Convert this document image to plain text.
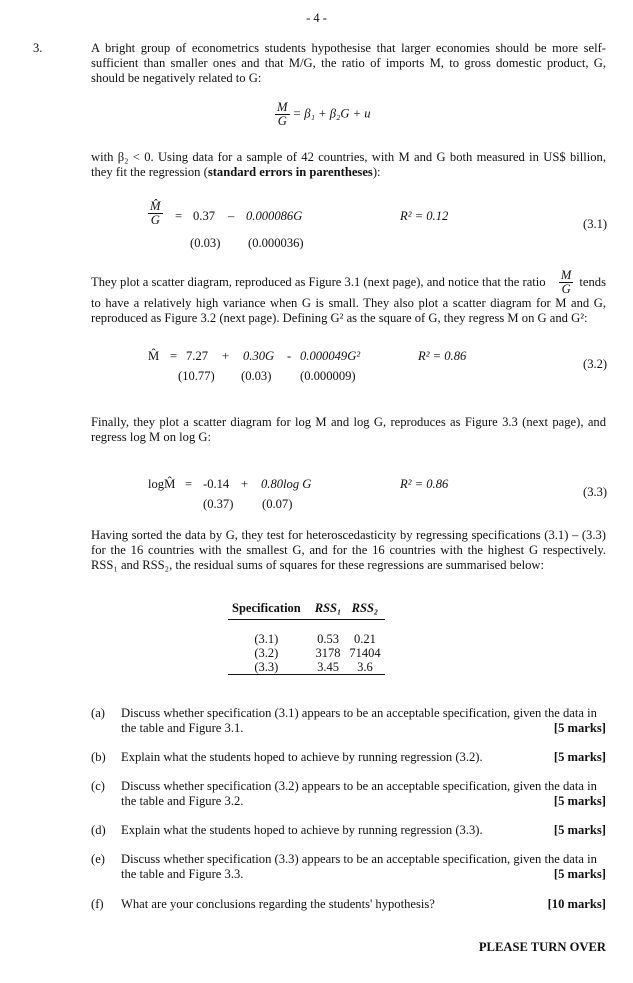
- 4 -
3.	A bright group of econometrics students hypothesise that larger economies should be more self-sufficient than smaller ones and that M/G, the ratio of imports M, to gross domestic product, G, should be negatively related to G:
$\frac{M}{G} = \beta_1 + \beta_2G + u$
with β₂ < 0. Using data for a sample of 42 countries, with M and G both measured in US$ billion, they fit the regression (standard errors in parentheses):
$\frac{M̂}{G} = 0.37 - 0.000086G$	R² = 0.12
(3.1)
(0.03) (0.000036)
They plot a scatter diagram, reproduced as Figure 3.1 (next page), and notice that the ratio $\frac{M}{G}$ tends
to have a relatively high variance when G is small. They also plot a scatter diagram for M and G, reproduced as Figure 3.2 (next page). Defining G² as the square of G, they regress M on G and G²:
M̂ = 7.27 + 0.30G - 0.000049G²	R² = 0.86
(3.2)
(10.77) (0.03) (0.000009)
Finally, they plot a scatter diagram for log M and log G, reproduces as Figure 3.3 (next page), and regress log M on log G:
logM̂ = -0.14 + 0.80log G	R² = 0.86
(3.3)
(0.37) (0.07)
Having sorted the data by G, they test for heteroscedasticity by regressing specifications (3.1) – (3.3) for the 16 countries with the smallest G, and for the 16 countries with the highest G respectively. RSS₁ and RSS₂, the residual sums of squares for these regressions are summarised below:
Specification	RSS₁	RSS₂
(3.1)	0.53	0.21
(3.2)	3178	71404
(3.3)	3.45	3.6
(a) Discuss whether specification (3.1) appears to be an acceptable specification, given the data in the table and Figure 3.1.	[5 marks]
(b) Explain what the students hoped to achieve by running regression (3.2).	[5 marks]
(c) Discuss whether specification (3.2) appears to be an acceptable specification, given the data in the table and Figure 3.2.	[5 marks]
(d) Explain what the students hoped to achieve by running regression (3.3).	[5 marks]
(e) Discuss whether specification (3.3) appears to be an acceptable specification, given the data in the table and Figure 3.3.	[5 marks]
(f) What are your conclusions regarding the students' hypothesis?	[10 marks]
PLEASE TURN OVER
